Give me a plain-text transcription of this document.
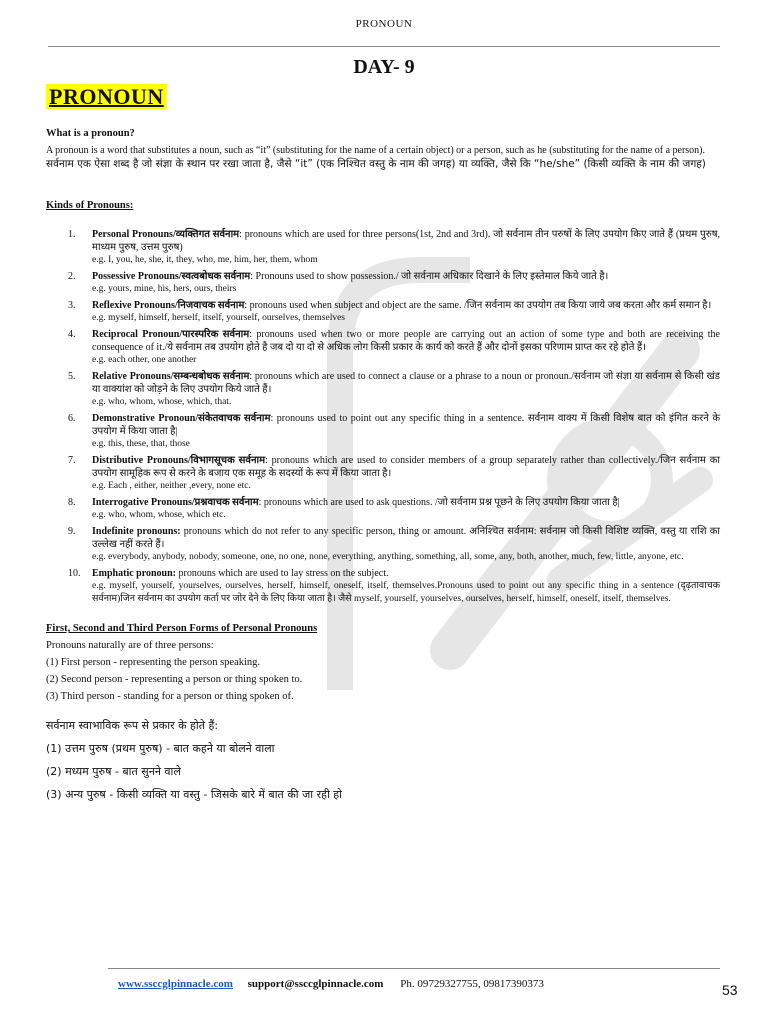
PRONOUN
DAY- 9
PRONOUN
What is a pronoun?

A pronoun is a word that substitutes a noun, such as “it” (substituting for the name of a certain object) or a person, such as he (substituting for the name of a person).

सर्वनाम एक ऐसा शब्द है जो संज्ञा के स्थान पर रखा जाता है, जैसे “it” (एक निश्चित वस्तु के नाम की जगह) या व्यक्ति, जैसे कि “he/she” (किसी व्यक्ति के नाम की जगह)

Kinds of Pronouns:
1. Personal Pronouns/व्यक्तिगत सर्वनाम: pronouns which are used for three persons(1st, 2nd and 3rd). जो सर्वनाम तीन परुषों के लिए उपयोग किए जाते हैं (प्रथम पुरुष, माध्यम पुरुष, उत्तम पुरुष)
e.g. I, you, he, she, it, they, who, me, him, her, them, whom
2. Possessive Pronouns/स्वत्वबोधक सर्वनाम: Pronouns used to show possession./ जो सर्वनाम अधिकार दिखाने के लिए इस्तेमाल किये जाते है।
e.g. yours, mine, his, hers, ours, theirs
3. Reflexive Pronouns/निजवाचक सर्वनाम: pronouns used when subject and object are the same. /जिन सर्वनाम का उपयोग तब किया जाये जब करता और कर्म समान है।
e.g. myself, himself, herself, itself, yourself, ourselves, themselves
4. Reciprocal Pronoun/पारस्परिक सर्वनाम: pronouns used when two or more people are carrying out an action of some type and both are receiving the consequence of it./ये सर्वनाम तब उपयोग होते है जब दो या दो से अधिक लोग किसी प्रकार के कार्य को करते हैं और दोनों इसका परिणाम प्राप्त कर रहे होते हैं।
e.g. each other, one another
5. Relative Pronouns/सम्बन्धबोधक सर्वनाम: pronouns which are used to connect a clause or a phrase to a noun or pronoun./सर्वनाम जो संज्ञा या सर्वनाम से किसी खंड या वाक्यांश को जोड़ने के लिए उपयोग किये जाते हैं।
e.g. who, whom, whose, which, that.
6. Demonstrative Pronoun/संकेतवाचक सर्वनाम: pronouns used to point out any specific thing in a sentence. सर्वनाम वाक्य में किसी विशेष बात को इंगित करने के उपयोग में किया जाता है|
e.g. this, these, that, those
7. Distributive Pronouns/विभागसूचक सर्वनाम: pronouns which are used to consider members of a group separately rather than collectively./जिन सर्वनाम का उपयोग सामूहिक रूप से करने के बजाय एक समूह के सदस्यों के रूप में किया जाता है।
e.g. Each , either, neither ,every, none etc.
8. Interrogative Pronouns/प्रश्नवाचक सर्वनाम: pronouns which are used to ask questions. /जो सर्वनाम प्रश्न पूछने के लिए उपयोग किया जाता है|
e.g. who, whom, whose, which etc.
9. Indefinite pronouns: pronouns which do not refer to any specific person, thing or amount. अनिश्चित सर्वनाम: सर्वनाम जो किसी विशिष्ट व्यक्ति, वस्तु या राशि का उल्लेख नहीं करते हैं।
e.g. everybody, anybody, nobody, someone, one, no one, none, everything, anything, something, all, some, any, both, another, much, few, little, anyone, etc.
10. Emphatic pronoun: pronouns which are used to lay stress on the subject.
e.g. myself, yourself, yourselves, ourselves, herself, himself, oneself, itself, themselves.Pronouns used to point out any specific thing in a sentence (दृढ़तावाचक सर्वनाम)जिन सर्वनाम का उपयोग कर्ता पर जोर देने के लिए किया जाता है। जैसे myself, yourself, yourselves, ourselves, herself, himself, oneself, itself, themselves.
First, Second and Third Person Forms of Personal Pronouns

Pronouns naturally are of three persons:

(1) First person - representing the person speaking.

(2) Second person - representing a person or thing spoken to.

(3) Third person - standing for a person or thing spoken of.

सर्वनाम स्वाभाविक रूप से प्रकार के होते हैं:

(1) उत्तम पुरुष (प्रथम पुरुष) - बात कहने या बोलने वाला

(2) मध्यम पुरुष - बात सुनने वाले

(3) अन्य पुरुष - किसी व्यक्ति या वस्तु - जिसके बारे में बात की जा रही हो

www.ssccglpinnacle.com support@ssccglpinnacle.com Ph. 09729327755, 09817390373	53
